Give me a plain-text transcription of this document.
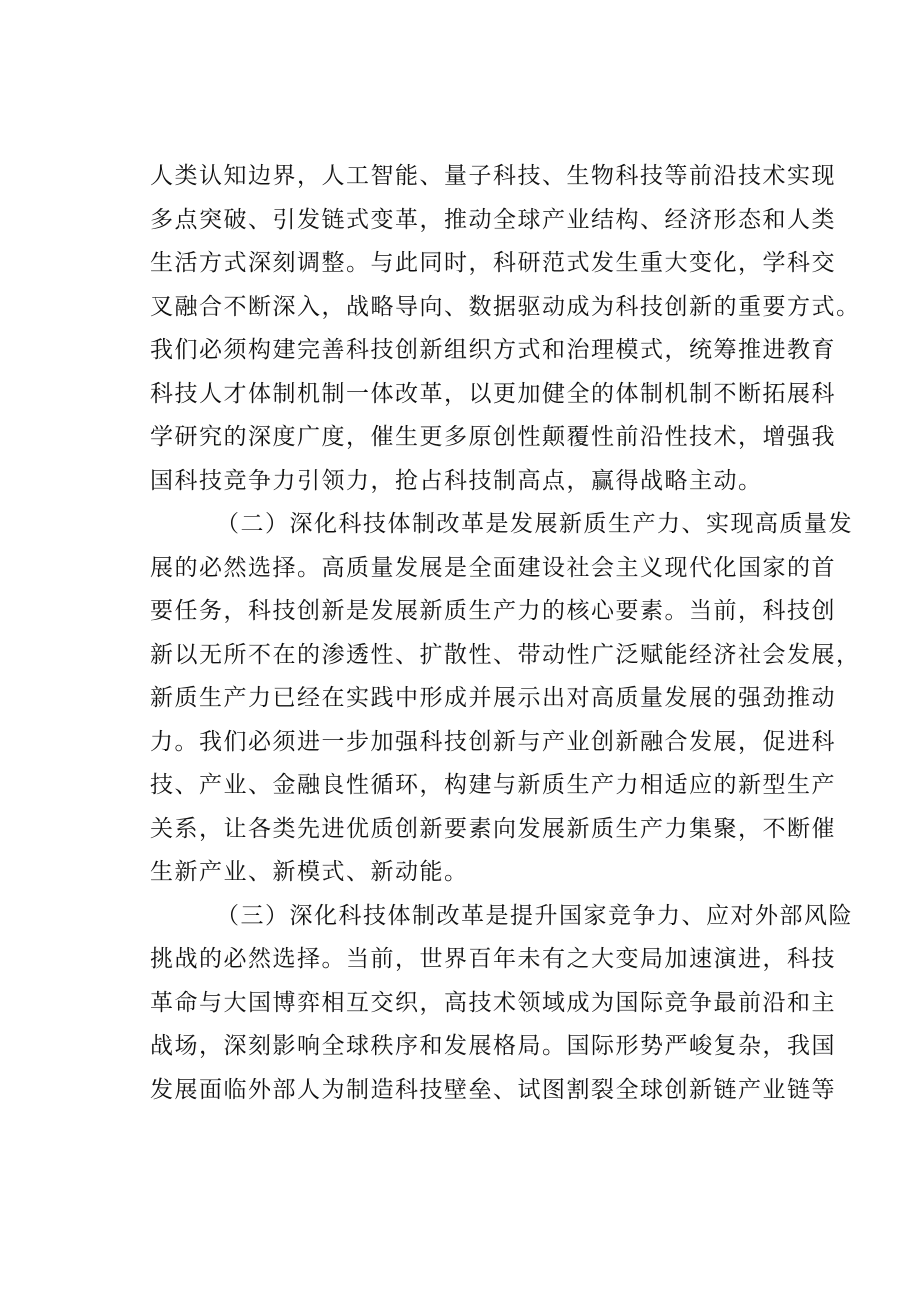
人类认知边界，人工智能、量子科技、生物科技等前沿技术实现
多点突破、引发链式变革，推动全球产业结构、经济形态和人类
生活方式深刻调整。与此同时，科研范式发生重大变化，学科交
叉融合不断深入，战略导向、数据驱动成为科技创新的重要方式。
我们必须构建完善科技创新组织方式和治理模式，统筹推进教育
科技人才体制机制一体改革，以更加健全的体制机制不断拓展科
学研究的深度广度，催生更多原创性颠覆性前沿性技术，增强我
国科技竞争力引领力，抢占科技制高点，赢得战略主动。
（二）深化科技体制改革是发展新质生产力、实现高质量发
展的必然选择。高质量发展是全面建设社会主义现代化国家的首
要任务，科技创新是发展新质生产力的核心要素。当前，科技创
新以无所不在的渗透性、扩散性、带动性广泛赋能经济社会发展，
新质生产力已经在实践中形成并展示出对高质量发展的强劲推动
力。我们必须进一步加强科技创新与产业创新融合发展，促进科
技、产业、金融良性循环，构建与新质生产力相适应的新型生产
关系，让各类先进优质创新要素向发展新质生产力集聚，不断催
生新产业、新模式、新动能。
（三）深化科技体制改革是提升国家竞争力、应对外部风险
挑战的必然选择。当前，世界百年未有之大变局加速演进，科技
革命与大国博弈相互交织，高技术领域成为国际竞争最前沿和主
战场，深刻影响全球秩序和发展格局。国际形势严峻复杂，我国
发展面临外部人为制造科技壁垒、试图割裂全球创新链产业链等
